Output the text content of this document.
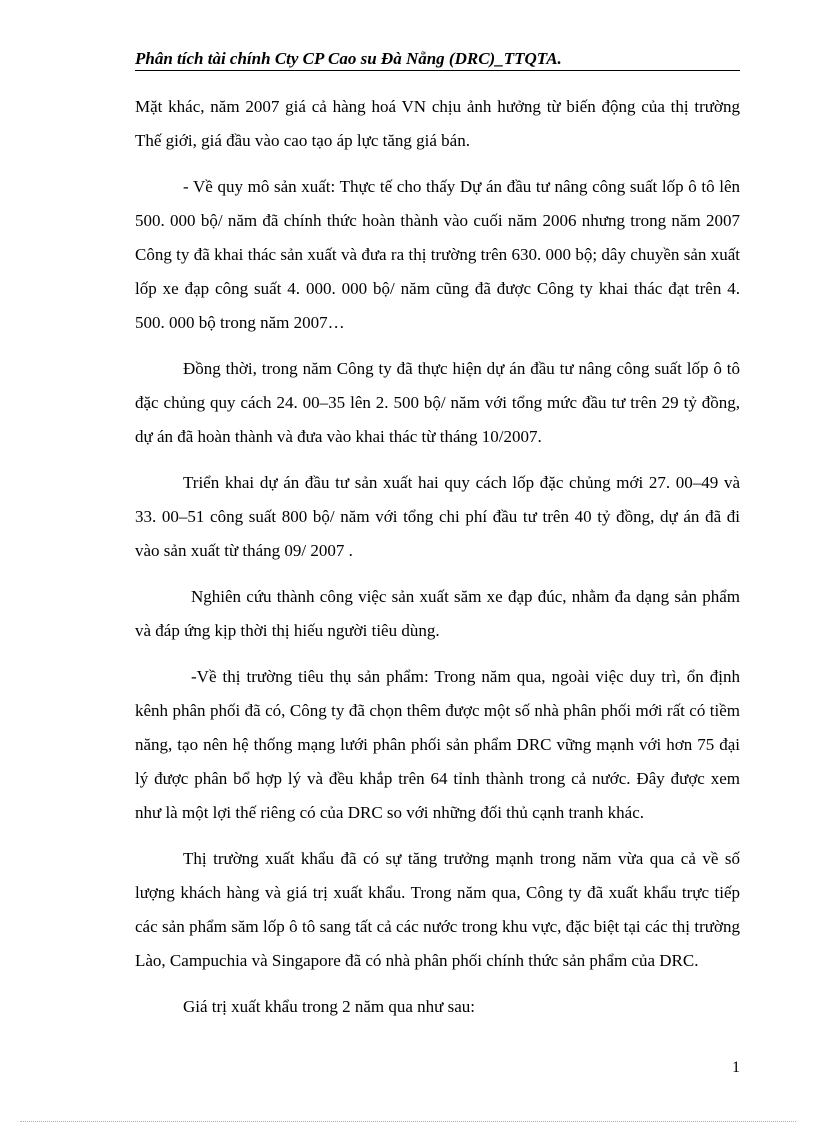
Phân tích tài chính Cty CP Cao su Đà Nẵng (DRC)_TTQTA.

Mặt khác, năm 2007 giá cả hàng hoá VN chịu ảnh hưởng từ biến động của thị trường Thế giới, giá đầu vào cao tạo áp lực tăng giá bán.

- Về quy mô sản xuất: Thực tế cho thấy Dự án đầu tư nâng công suất lốp ô tô lên 500. 000 bộ/ năm đã chính thức hoàn thành vào cuối năm 2006 nhưng trong năm 2007 Công ty đã khai thác sản xuất và đưa ra thị trường trên 630. 000 bộ; dây chuyền sản xuất lốp xe đạp công suất 4. 000. 000 bộ/ năm cũng đã được Công ty khai thác đạt trên 4. 500. 000 bộ trong năm 2007…

Đồng thời, trong năm Công ty đã thực hiện dự án đầu tư nâng công suất lốp ô tô đặc chủng quy cách 24. 00–35 lên 2. 500 bộ/ năm với tổng mức đầu tư trên 29 tỷ đồng, dự án đã hoàn thành và đưa vào khai thác từ tháng 10/2007.

Triển khai dự án đầu tư sản xuất hai quy cách lốp đặc chủng mới 27. 00–49 và 33. 00–51 công suất 800 bộ/ năm với tổng chi phí đầu tư trên 40 tỷ đồng, dự án đã đi vào sản xuất từ tháng 09/ 2007 .

Nghiên cứu thành công việc sản xuất săm xe đạp đúc, nhằm đa dạng sản phẩm và đáp ứng kịp thời thị hiếu người tiêu dùng.

-Về thị trường tiêu thụ sản phẩm: Trong năm qua, ngoài việc duy trì, ổn định kênh phân phối đã có, Công ty đã chọn thêm được một số nhà phân phối mới rất có tiềm năng, tạo nên hệ thống mạng lưới phân phối sản phẩm DRC vững mạnh với hơn 75 đại lý được phân bổ hợp lý và đều khắp trên 64 tỉnh thành trong cả nước. Đây được xem như là một lợi thế riêng có của DRC so với những đối thủ cạnh tranh khác.

Thị trường xuất khẩu đã có sự tăng trưởng mạnh trong năm vừa qua cả về số lượng khách hàng và giá trị xuất khẩu. Trong năm qua, Công ty đã xuất khẩu trực tiếp các sản phẩm săm lốp ô tô sang tất cả các nước trong khu vực, đặc biệt tại các thị trường Lào, Campuchia và Singapore đã có nhà phân phối chính thức sản phẩm của DRC.

Giá trị xuất khẩu trong 2 năm qua như sau:

1
